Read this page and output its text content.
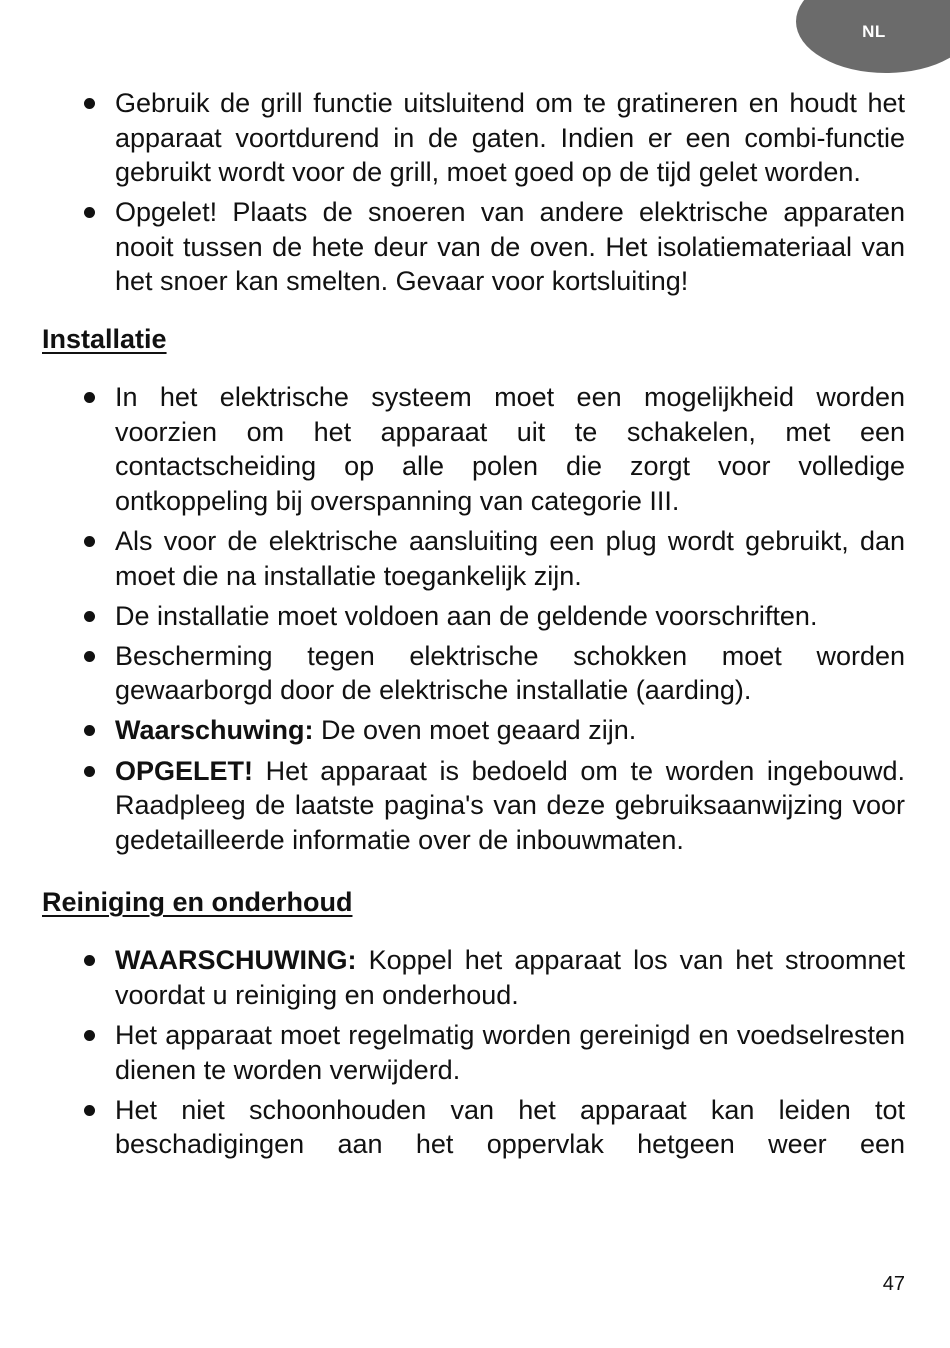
NL
Gebruik de grill functie uitsluitend om te gratineren en houdt het apparaat voortdurend in de gaten. Indien er een combi-functie gebruikt wordt voor de grill, moet goed op de tijd gelet worden.
Opgelet! Plaats de snoeren van andere elektrische apparaten nooit tussen de hete deur van de oven. Het isolatiemateriaal van het snoer kan smelten. Gevaar voor kortsluiting!
Installatie
In het elektrische systeem moet een mogelijkheid worden voorzien om het apparaat uit te schakelen, met een contactscheiding op alle polen die zorgt voor volledige ontkoppeling bij overspanning van categorie III.
Als voor de elektrische aansluiting een plug wordt gebruikt, dan moet die na installatie toegankelijk zijn.
De installatie moet voldoen aan de geldende voorschriften.
Bescherming tegen elektrische schokken moet worden gewaarborgd door de elektrische installatie (aarding).
Waarschuwing: De oven moet geaard zijn.
OPGELET! Het apparaat is bedoeld om te worden ingebouwd. Raadpleeg de laatste pagina's van deze gebruiksaanwijzing voor gedetailleerde informatie over de inbouwmaten.
Reiniging en onderhoud
WAARSCHUWING: Koppel het apparaat los van het stroomnet voordat u reiniging en onderhoud.
Het apparaat moet regelmatig worden gereinigd en voedselresten dienen te worden verwijderd.
Het niet schoonhouden van het apparaat kan leiden tot beschadigingen aan het oppervlak hetgeen weer een
47
